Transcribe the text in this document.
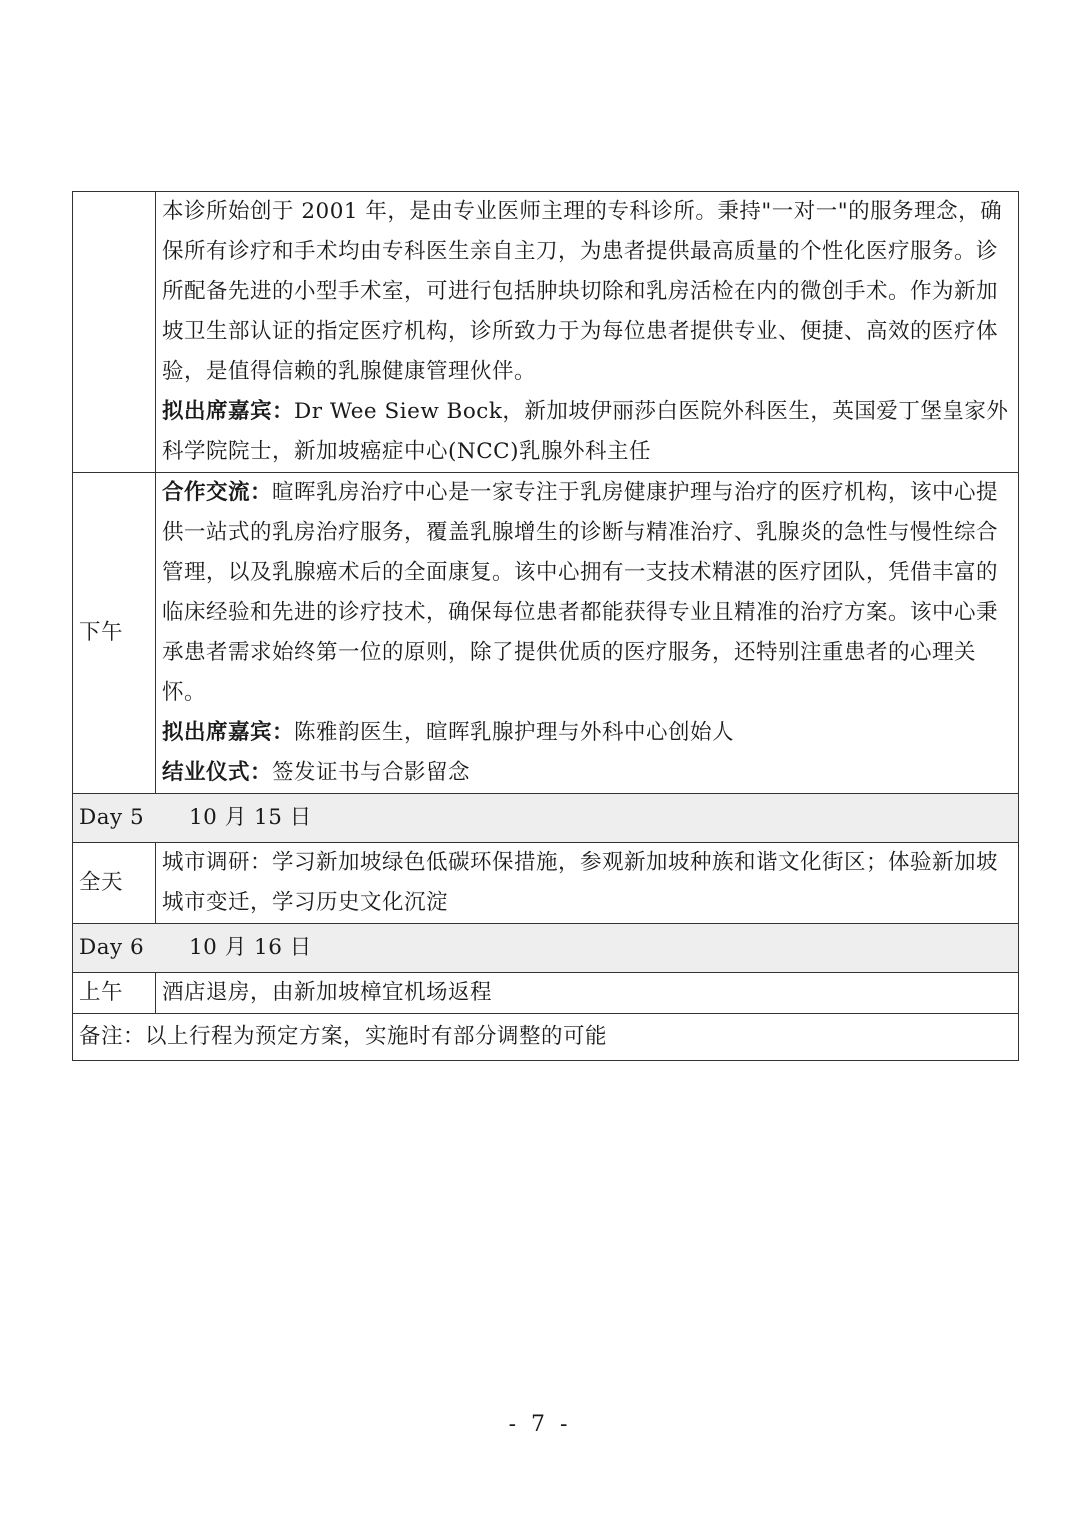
	本诊所始创于 2001 年，是由专业医师主理的专科诊所。秉持"一对一"的服务理念，确保所有诊疗和手术均由专科医生亲自主刀，为患者提供最高质量的个性化医疗服务。诊所配备先进的小型手术室，可进行包括肿块切除和乳房活检在内的微创手术。作为新加坡卫生部认证的指定医疗机构，诊所致力于为每位患者提供专业、便捷、高效的医疗体验，是值得信赖的乳腺健康管理伙伴。
拟出席嘉宾：Dr Wee Siew Bock，新加坡伊丽莎白医院外科医生，英国爱丁堡皇家外科学院院士，新加坡癌症中心(NCC)乳腺外科主任

下午	合作交流：暄晖乳房治疗中心是一家专注于乳房健康护理与治疗的医疗机构，该中心提供一站式的乳房治疗服务，覆盖乳腺增生的诊断与精准治疗、乳腺炎的急性与慢性综合管理，以及乳腺癌术后的全面康复。该中心拥有一支技术精湛的医疗团队，凭借丰富的临床经验和先进的诊疗技术，确保每位患者都能获得专业且精准的治疗方案。该中心秉承患者需求始终第一位的原则，除了提供优质的医疗服务，还特别注重患者的心理关怀。
拟出席嘉宾：陈雅韵医生，暄晖乳腺护理与外科中心创始人
结业仪式：签发证书与合影留念

Day 5 10 月 15 日	
全天	城市调研：学习新加坡绿色低碳环保措施，参观新加坡种族和谐文化街区；体验新加坡城市变迁，学习历史文化沉淀
Day 6 10 月 16 日	
上午	酒店退房，由新加坡樟宜机场返程
备注：以上行程为预定方案，实施时有部分调整的可能	
- 7 -
